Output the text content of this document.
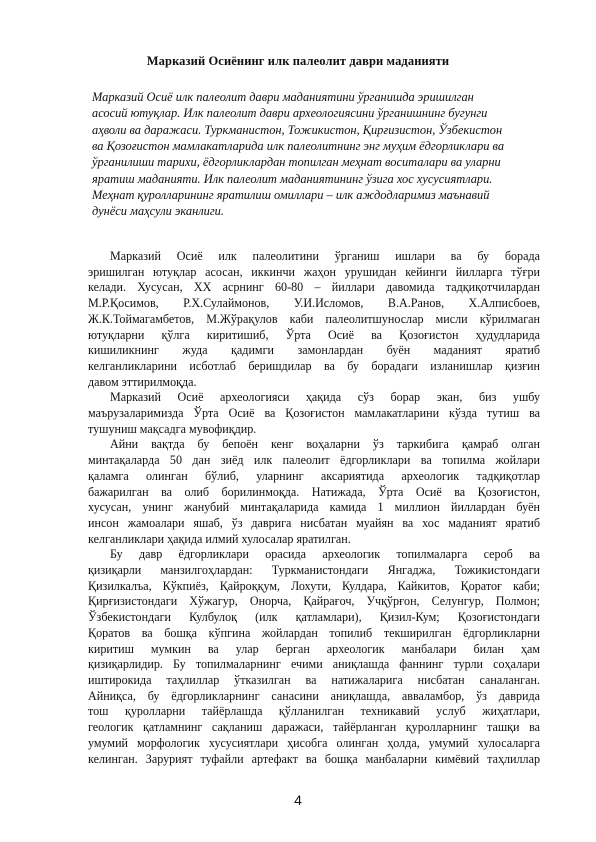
Марказий Осиёнинг илк палеолит даври маданияти

Марказий Осиё илк палеолит даври маданиятини ўрганишда эришилган
асосий ютуқлар. Илк палеолит даври археологиясини ўрганишнинг бугунги
аҳволи ва даражаси. Туркманистон, Тожикистон, Қирғизистон, Ўзбекистон
ва Қозоғистон мамлакатларида илк палеолитнинг энг муҳим ёдгорликлари ва
ўрганилиши тарихи, ёдгорликлардан топилган меҳнат воситалари ва уларни
яратиш маданияти. Илк палеолит маданиятининг ўзига хос хусусиятлари.
Меҳнат қуролларининг яратилиш омиллари – илк аждодларимиз маънавий
дунёси маҳсули эканлиги.

Марказий Осиё илк палеолитини ўрганиш ишлари ва бу борада
эришилган ютуқлар асосан, иккинчи жаҳон урушидан кейинги йилларга тўғри
келади. Хусусан, XX асрнинг 60-80 – йиллари давомида тадқиқотчилардан
М.Р.Қосимов, Р.Х.Сулаймонов, У.И.Исломов, В.А.Ранов, Х.Алписбоев,
Ж.К.Тоймагамбетов, М.Жўрақулов каби палеолитшунослар мисли кўрилмаган
ютуқларни қўлга киритишиб, Ўрта Осиё ва Қозоғистон ҳудудларида
кишиликнинг жуда қадимги замонлардан буён маданият яратиб
келганликларини исботлаб беришдилар ва бу борадаги изланишлар қизғин
давом эттирилмоқда.
Марказий Осиё археологияси ҳақида сўз борар экан, биз ушбу
маърузаларимизда Ўрта Осиё ва Қозоғистон мамлакатларини кўзда тутиш ва
тушуниш мақсадга мувофиқдир.
Айни вақтда бу бепоён кенг воҳаларни ўз таркибига қамраб олган
минтақаларда 50 дан зиёд илк палеолит ёдгорликлари ва топилма жойлари
қаламга олинган бўлиб, уларнинг аксариятида археологик тадқиқотлар
бажарилган ва олиб борилинмоқда. Натижада, Ўрта Осиё ва Қозоғистон,
хусусан, унинг жанубий минтақаларида камида 1 миллион йиллардан буён
инсон жамоалари яшаб, ўз даврига нисбатан муайян ва хос маданият яратиб
келганликлари ҳақида илмий хулосалар яратилган.
Бу давр ёдгорликлари орасида археологик топилмаларга сероб ва
қизиқарли манзилгоҳлардан: Туркманистондаги Янгаджа, Тожикистондаги
Қизилкалъа, Кўкпиёз, Қайроққум, Лохути, Кулдара, Кайкитов, Қоратоғ каби;
Қирғизистондаги Хўжагур, Онорча, Қайрағоч, Учқўрғон, Селунгур, Полмон;
Ўзбекистондаги Кулбулоқ (илк қатламлари), Қизил-Кум; Қозоғистондаги
Қоратов ва бошқа кўпгина жойлардан топилиб текширилган ёдгорликларни
киритиш мумкин ва улар берган археологик манбалари билан ҳам
қизиқарлидир. Бу топилмаларнинг ечими аниқлашда фаннинг турли соҳалари
иштирокида таҳлиллар ўтказилган ва натижаларига нисбатан саналанган.
Айниқса, бу ёдгорликларнинг санасини аниқлашда, авваламбор, ўз даврида
тош қуролларни тайёрлашда қўлланилган техникавий услуб жиҳатлари,
геологик қатламнинг сақланиш даражаси, тайёрланган қуролларнинг ташқи ва
умумий морфологик хусусиятлари ҳисобга олинган ҳолда, умумий хулосаларга
келинган. Зарурият туфайли артефакт ва бошқа манбаларни кимёвий таҳлиллар
4
